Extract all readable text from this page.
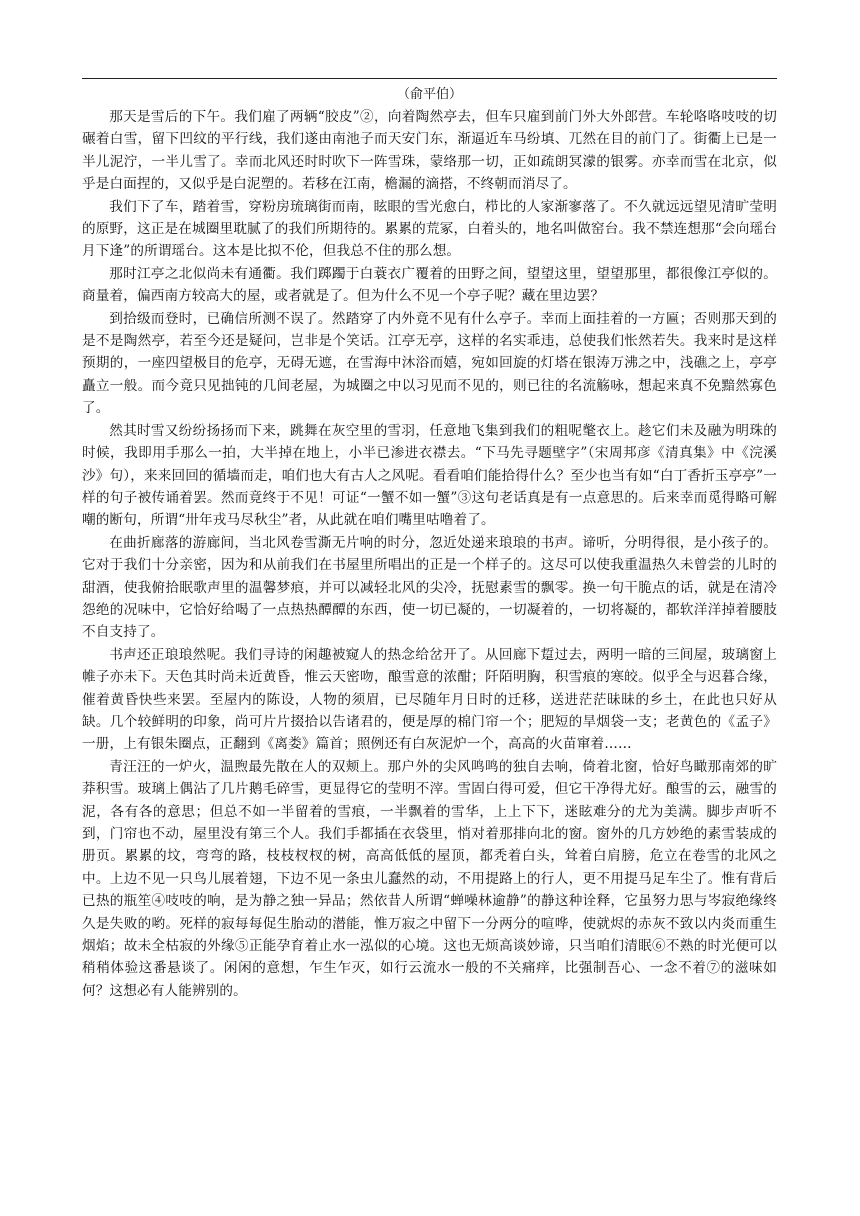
（俞平伯）

那天是雪后的下午。我们雇了两辆“胶皮”②，向着陶然亭去，但车只雇到前门外大外郎营。车轮咯咯吱吱的切碾着白雪，留下凹纹的平行线，我们遂由南池子而天安门东，渐逼近车马纷填、兀然在目的前门了。街衢上已是一半儿泥泞，一半儿雪了。幸而北风还时时吹下一阵雪珠，蒙络那一切，正如疏朗冥濛的银雾。亦幸而雪在北京，似乎是白面捏的，又似乎是白泥塑的。若移在江南，檐漏的滴搭，不终朝而消尽了。

我们下了车，踏着雪，穿粉房琉璃街而南，眩眼的雪光愈白，栉比的人家渐寥落了。不久就远远望见清旷莹明的原野，这正是在城圈里耽腻了的我们所期待的。累累的荒冢，白着头的，地名叫做窑台。我不禁连想那“会向瑶台月下逢”的所谓瑶台。这本是比拟不伦，但我总不住的那么想。

那时江亭之北似尚未有通衢。我们踯躅于白蓑衣广覆着的田野之间，望望这里，望望那里，都很像江亭似的。商量着，偏西南方较高大的屋，或者就是了。但为什么不见一个亭子呢？藏在里边罢？

到拾级而登时，已确信所测不误了。然踏穿了内外竟不见有什么亭子。幸而上面挂着的一方匾；否则那天到的是不是陶然亭，若至今还是疑问，岂非是个笑话。江亭无亭，这样的名实乖违，总使我们怅然若失。我来时是这样预期的，一座四望极目的危亭，无碍无遮，在雪海中沐浴而嬉，宛如回旋的灯塔在银涛万沸之中，浅礁之上，亭亭矗立一般。而今竟只见拙钝的几间老屋，为城圈之中以习见而不见的，则已往的名流觞咏，想起来真不免黯然寡色了。

然其时雪又纷纷扬扬而下来，跳舞在灰空里的雪羽，任意地飞集到我们的粗呢氅衣上。趁它们未及融为明珠的时候，我即用手那么一拍，大半掉在地上，小半已渗进衣襟去。“下马先寻题壁字”（宋周邦彦《清真集》中《浣溪沙》句），来来回回的循墙而走，咱们也大有古人之风呢。看看咱们能拾得什么？至少也当有如“白丁香折玉亭亭”一样的句子被传诵着罢。然而竟终于不见！可证“一蟹不如一蟹”③这句老话真是有一点意思的。后来幸而觅得略可解嘲的断句，所谓“卅年戎马尽秋尘”者，从此就在咱们嘴里咕噜着了。

在曲折廊落的游廊间，当北风卷雪澌无片响的时分，忽近处递来琅琅的书声。谛听，分明得很，是小孩子的。它对于我们十分亲密，因为和从前我们在书屋里所唱出的正是一个样子的。这尽可以使我重温热久未曾尝的儿时的甜酒，使我俯拾眠歌声里的温馨梦痕，并可以减轻北风的尖冷，抚慰素雪的飘零。换一句干脆点的话，就是在清冷怨绝的况味中，它恰好给喝了一点热热醰醰的东西，使一切已凝的，一切凝着的，一切将凝的，都软洋洋掉着腰肢不自支持了。

书声还正琅琅然呢。我们寻诗的闲趣被窥人的热念给岔开了。从回廊下踅过去，两明一暗的三间屋，玻璃窗上帷子亦未下。天色其时尚未近黄昏，惟云天密吻，酿雪意的浓酣；阡陌明胸，积雪痕的寒皎。似乎全与迟暮合缘，催着黄昏快些来罢。至屋内的陈设，人物的须眉，已尽随年月日时的迁移，送进茫茫昧昧的乡土，在此也只好从缺。几个较鲜明的印象，尚可片片掇拾以告诸君的，便是厚的棉门帘一个；肥短的旱烟袋一支；老黄色的《孟子》一册，上有银朱圈点，正翻到《离娄》篇首；照例还有白灰泥炉一个，高高的火苗窜着……

青汪汪的一炉火，温煦最先散在人的双颊上。那户外的尖风鸣鸣的独自去响，倚着北窗，恰好鸟瞰那南郊的旷莽积雪。玻璃上偶沾了几片鹅毛碎雪，更显得它的莹明不滓。雪固白得可爱，但它干净得尤好。酿雪的云，融雪的泥，各有各的意思；但总不如一半留着的雪痕，一半飘着的雪华，上上下下，迷眩难分的尤为美满。脚步声听不到，门帘也不动，屋里没有第三个人。我们手都插在衣袋里，悄对着那排向北的窗。窗外的几方妙绝的素雪装成的册页。累累的坟，弯弯的路，枝枝杈杈的树，高高低低的屋顶，都秃着白头，耸着白肩膀，危立在卷雪的北风之中。上边不见一只鸟儿展着翅，下边不见一条虫儿蠢然的动，不用提路上的行人，更不用提马足车尘了。惟有背后已热的瓶笙④吱吱的响，是为静之独一异品；然依昔人所谓“蝉噪林逾静”的静这种诠释，它虽努力思与岑寂绝缘终久是失败的哟。死样的寂每每促生胎动的潜能，惟万寂之中留下一分两分的喧哗，使就烬的赤灰不致以内炎而重生烟焰；故未全枯寂的外缘⑤正能孕育着止水一泓似的心境。这也无烦高谈妙谛，只当咱们清眠⑥不熟的时光便可以稍稍体验这番悬谈了。闲闲的意想，乍生乍灭，如行云流水一般的不关痛痒，比强制吾心、一念不着⑦的滋味如何？这想必有人能辨别的。
